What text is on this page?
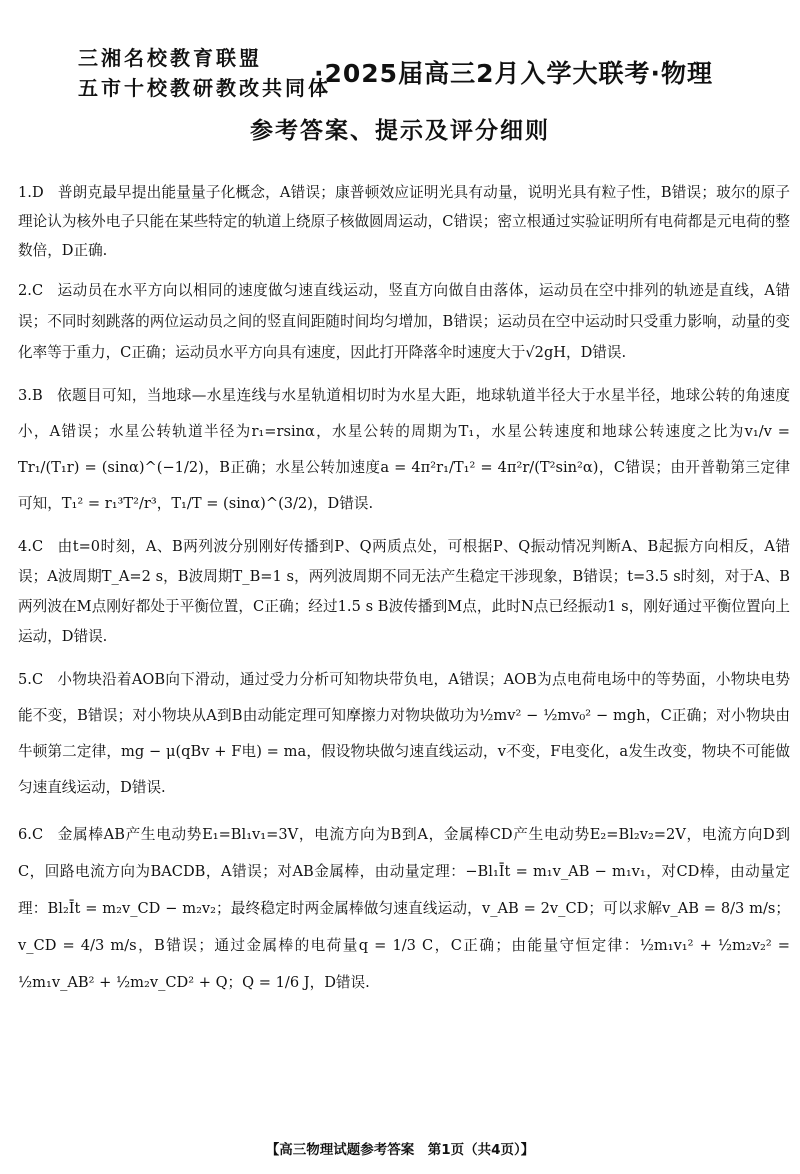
三湘名校教育联盟
五市十校教研教改共同体
·2025届高三2月入学大联考·物理
参考答案、提示及评分细则
1.D 普朗克最早提出能量量子化概念，A错误；康普顿效应证明光具有动量，说明光具有粒子性，B错误；玻尔的原子理论认为核外电子只能在某些特定的轨道上绕原子核做圆周运动，C错误；密立根通过实验证明所有电荷都是元电荷的整数倍，D正确.
2.C 运动员在水平方向以相同的速度做匀速直线运动，竖直方向做自由落体，运动员在空中排列的轨迹是直线，A错误；不同时刻跳落的两位运动员之间的竖直间距随时间均匀增加，B错误；运动员在空中运动时只受重力影响，动量的变化率等于重力，C正确；运动员水平方向具有速度，因此打开降落伞时速度大于√2gH，D错误.
3.B 依题目可知，当地球—水星连线与水星轨道相切时为水星大距，地球轨道半径大于水星半径，地球公转的角速度小，A错误；水星公转轨道半径为r₁=rsinα，水星公转的周期为T₁，水星公转速度和地球公转速度之比为v₁/v = Tr₁/(T₁r) = (sinα)^(−1/2)，B正确；水星公转加速度a = 4π²r₁/T₁² = 4π²r/(T²sin²α)，C错误；由开普勒第三定律可知，T₁² = r₁³T²/r³，T₁/T = (sinα)^(3/2)，D错误.
4.C 由t=0时刻，A、B两列波分别刚好传播到P、Q两质点处，可根据P、Q振动情况判断A、B起振方向相反，A错误；A波周期T_A=2 s，B波周期T_B=1 s，两列波周期不同无法产生稳定干涉现象，B错误；t=3.5 s时刻，对于A、B两列波在M点刚好都处于平衡位置，C正确；经过1.5 s B波传播到M点，此时N点已经振动1 s，刚好通过平衡位置向上运动，D错误.
5.C 小物块沿着AOB向下滑动，通过受力分析可知物块带负电，A错误；AOB为点电荷电场中的等势面，小物块电势能不变，B错误；对小物块从A到B由动能定理可知摩擦力对物块做功为½mv² − ½mv₀² − mgh，C正确；对小物块由牛顿第二定律，mg − μ(qBv + F电) = ma，假设物块做匀速直线运动，v不变，F电变化，a发生改变，物块不可能做匀速直线运动，D错误.
6.C 金属棒AB产生电动势E₁=Bl₁v₁=3V，电流方向为B到A，金属棒CD产生电动势E₂=Bl₂v₂=2V，电流方向D到C，回路电流方向为BACDB，A错误；对AB金属棒，由动量定理：−Bl₁Īt = m₁v_AB − m₁v₁，对CD棒，由动量定理：Bl₂Īt = m₂v_CD − m₂v₂；最终稳定时两金属棒做匀速直线运动，v_AB = 2v_CD；可以求解v_AB = 8/3 m/s；v_CD = 4/3 m/s，B错误；通过金属棒的电荷量q = 1/3 C，C正确；由能量守恒定律：½m₁v₁² + ½m₂v₂² = ½m₁v_AB² + ½m₂v_CD² + Q；Q = 1/6 J，D错误.
【高三物理试题参考答案　第1页（共4页）】
